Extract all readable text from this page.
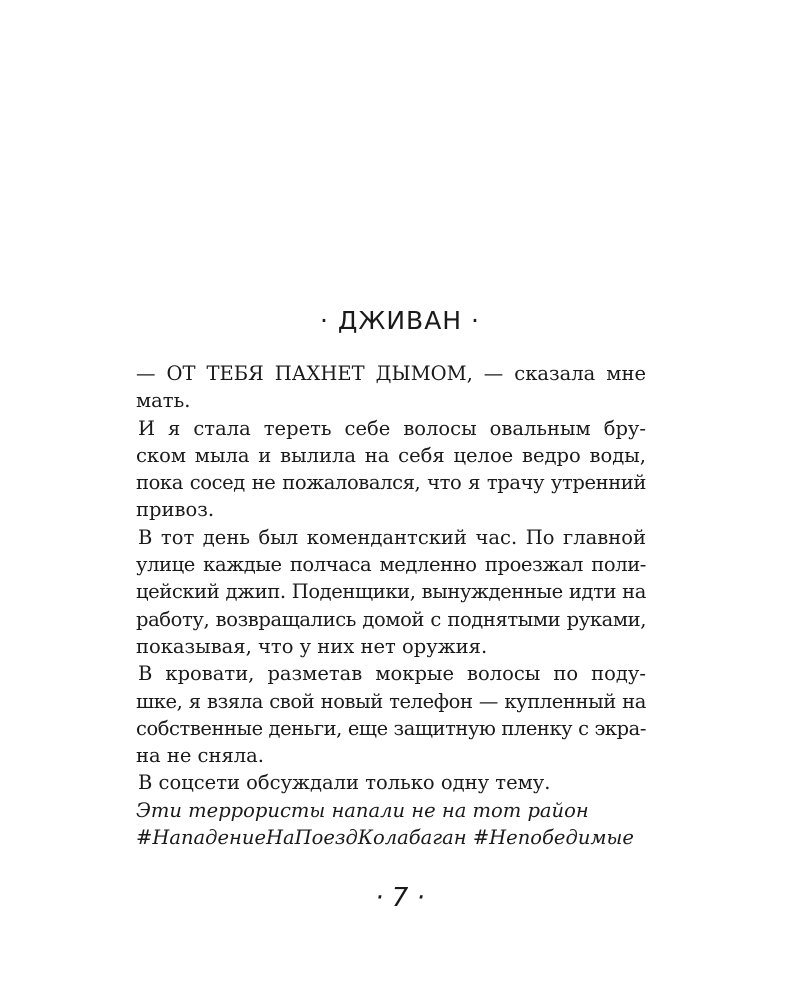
· ДЖИВАН ·

— ОТ ТЕБЯ ПАХНЕТ ДЫМОМ, — сказала мне
мать.

И я стала тереть себе волосы овальным бру-
ском мыла и вылила на себя целое ведро воды,
пока сосед не пожаловался, что я трачу утренний
привоз.

В тот день был комендантский час. По главной
улице каждые полчаса медленно проезжал поли-
цейский джип. Поденщики, вынужденные идти на
работу, возвращались домой с поднятыми руками,
показывая, что у них нет оружия.

В кровати, разметав мокрые волосы по поду-
шке, я взяла свой новый телефон — купленный на
собственные деньги, еще защитную пленку с экра-
на не сняла.

В соцсети обсуждали только одну тему.

Эти террористы напали не на тот район
#НападениеНаПоездКолабаган #Непобедимые

· 7 ·
